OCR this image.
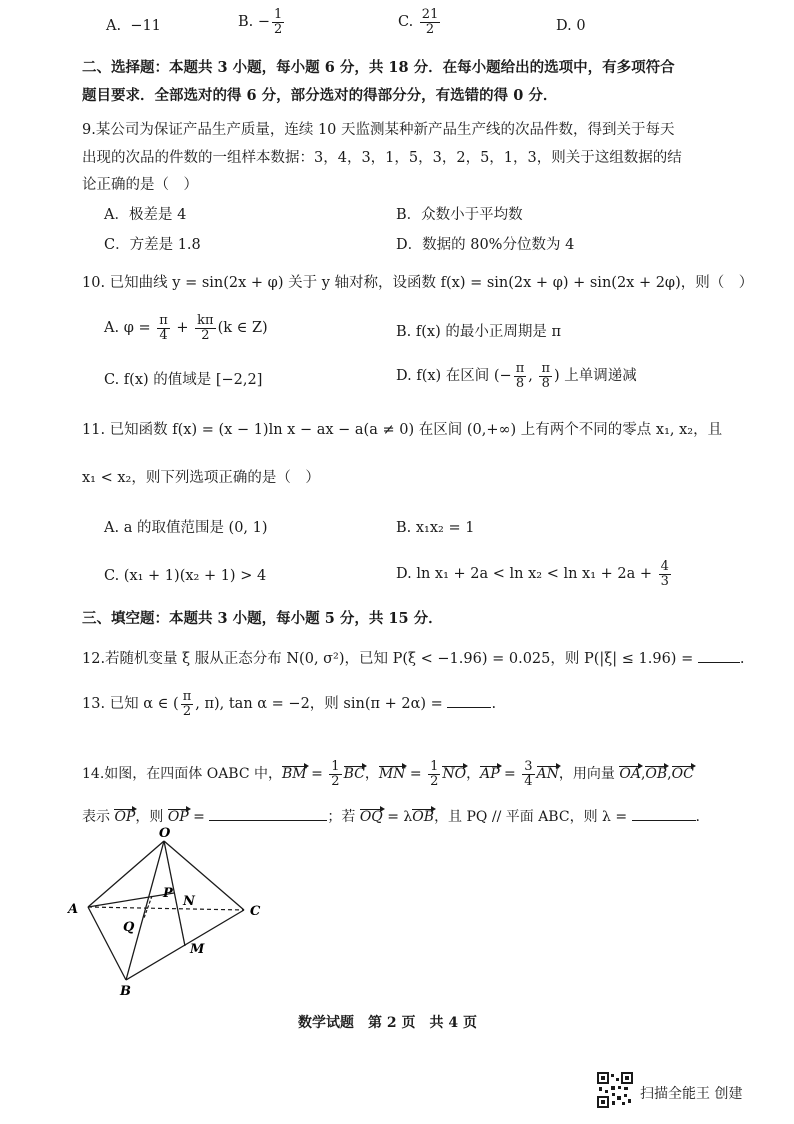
A. −11	B. − $\frac{1}{2}$	C. $\frac{21}{2}$	D. 0
二、选择题：本题共 3 小题，每小题 6 分，共 18 分．在每小题给出的选项中，有多项符合
题目要求．全部选对的得 6 分，部分选对的得部分分，有选错的得 0 分．
9.某公司为保证产品生产质量，连续 10 天监测某种新产品生产线的次品件数，得到关于每天
出现的次品的件数的一组样本数据：3，4，3，1，5，3，2，5，1，3，则关于这组数据的结
论正确的是（　）
A．极差是 4	B．众数小于平均数
C．方差是 1.8	D．数据的 80%分位数为 4
10. 已知曲线 y = sin(2x + φ) 关于 y 轴对称，设函数 f(x) = sin(2x + φ) + sin(2x + 2φ)，则（　）
A. $\varphi = \frac{\pi}{4} + \frac{k\pi}{2} (k$ ∈ Z)	B. f(x) 的最小正周期是 π
C. f(x) 的值域是 [−2,2]	D. f(x) 在区间 (− $\frac{\pi}{8}$ , $\frac{\pi}{8}$ ) 上单调递减
11. 已知函数 f(x) = (x − 1)ln x − ax − a(a ≠ 0) 在区间 (0,+∞) 上有两个不同的零点 x₁, x₂，且
x₁ < x₂，则下列选项正确的是（　）
A. a 的取值范围是 (0, 1)	B. x₁x₂ = 1
C. (x₁ + 1)(x₂ + 1) > 4	D. $\ln x_1 + 2a < \ln x_2 < \ln x_1 + 2a + \frac{4}{3}$
三、填空题：本题共 3 小题，每小题 5 分，共 15 分．
12.若随机变量 ξ 服从正态分布 N(0, σ²)，已知 P(ξ < −1.96) = 0.025，则 P(|ξ| ≤ 1.96) =	.
13. 已知 α ∈ ( $\frac{\pi}{2}$ , π), tan α = −2，则 sin(π + 2α) =	.
14.如图，在四面体 OABC 中，BM = $\frac{1}{2}$ BC，MN = $\frac{1}{2}$ NO，AP = $\frac{3}{4}$ AN，用向量 OA,OB,OC
表示 OP，则 OP =	；若 OQ = λOB，且 PQ // 平面 ABC，则 λ =	.
O
A
B
C
P
N
Q
M
数学试题　第 2 页　共 4 页
扫描全能王 创建
